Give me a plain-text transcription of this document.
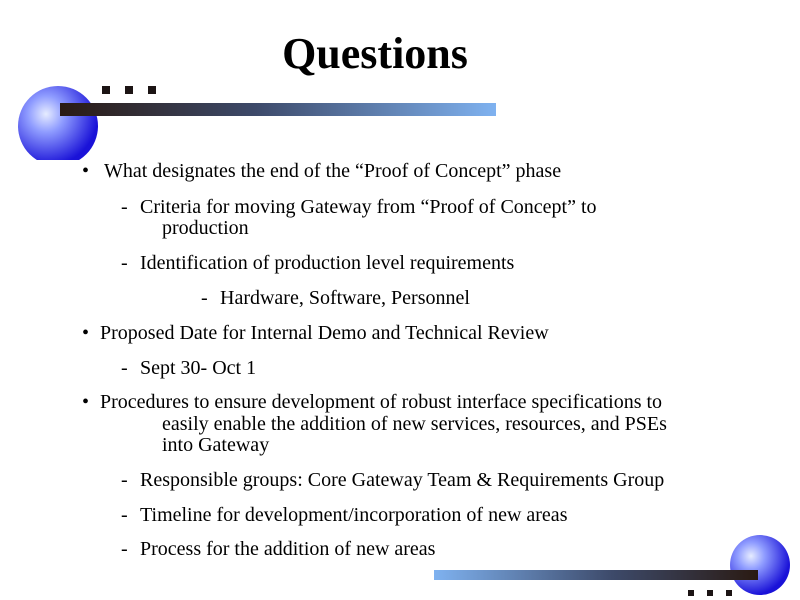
Questions
• What designates the end of the “Proof of Concept” phase
- Criteria for moving Gateway from “Proof of Concept” to
production
- Identification of production level requirements
- Hardware, Software, Personnel
• Proposed Date for Internal Demo and Technical Review
- Sept 30- Oct 1
• Procedures to ensure development of robust interface specifications to
easily enable the addition of new services, resources, and PSEs
into Gateway
- Responsible groups: Core Gateway Team & Requirements Group
- Timeline for development/incorporation of new areas
- Process for the addition of new areas
